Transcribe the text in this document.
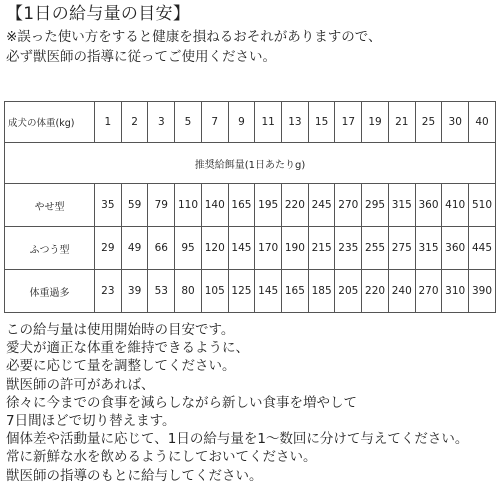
【1日の給与量の目安】
※誤った使い方をすると健康を損ねるおそれがありますので、
必ず獣医師の指導に従ってご使用ください。
成犬の体重(kg)	1	2	3	5	7	9	11	13	15	17	19	21	25	30	40
推奨給餌量(1日あたりg)															
やせ型	35	59	79	110	140	165	195	220	245	270	295	315	360	410	510
ふつう型	29	49	66	95	120	145	170	190	215	235	255	275	315	360	445
体重過多	23	39	53	80	105	125	145	165	185	205	220	240	270	310	390
この給与量は使用開始時の目安です。
愛犬が適正な体重を維持できるように、
必要に応じて量を調整してください。
獣医師の許可があれば、
徐々に今までの食事を減らしながら新しい食事を増やして
7日間ほどで切り替えます。
個体差や活動量に応じて、1日の給与量を1～数回に分けて与えてください。
常に新鮮な水を飲めるようにしておいてください。
獣医師の指導のもとに給与してください。
